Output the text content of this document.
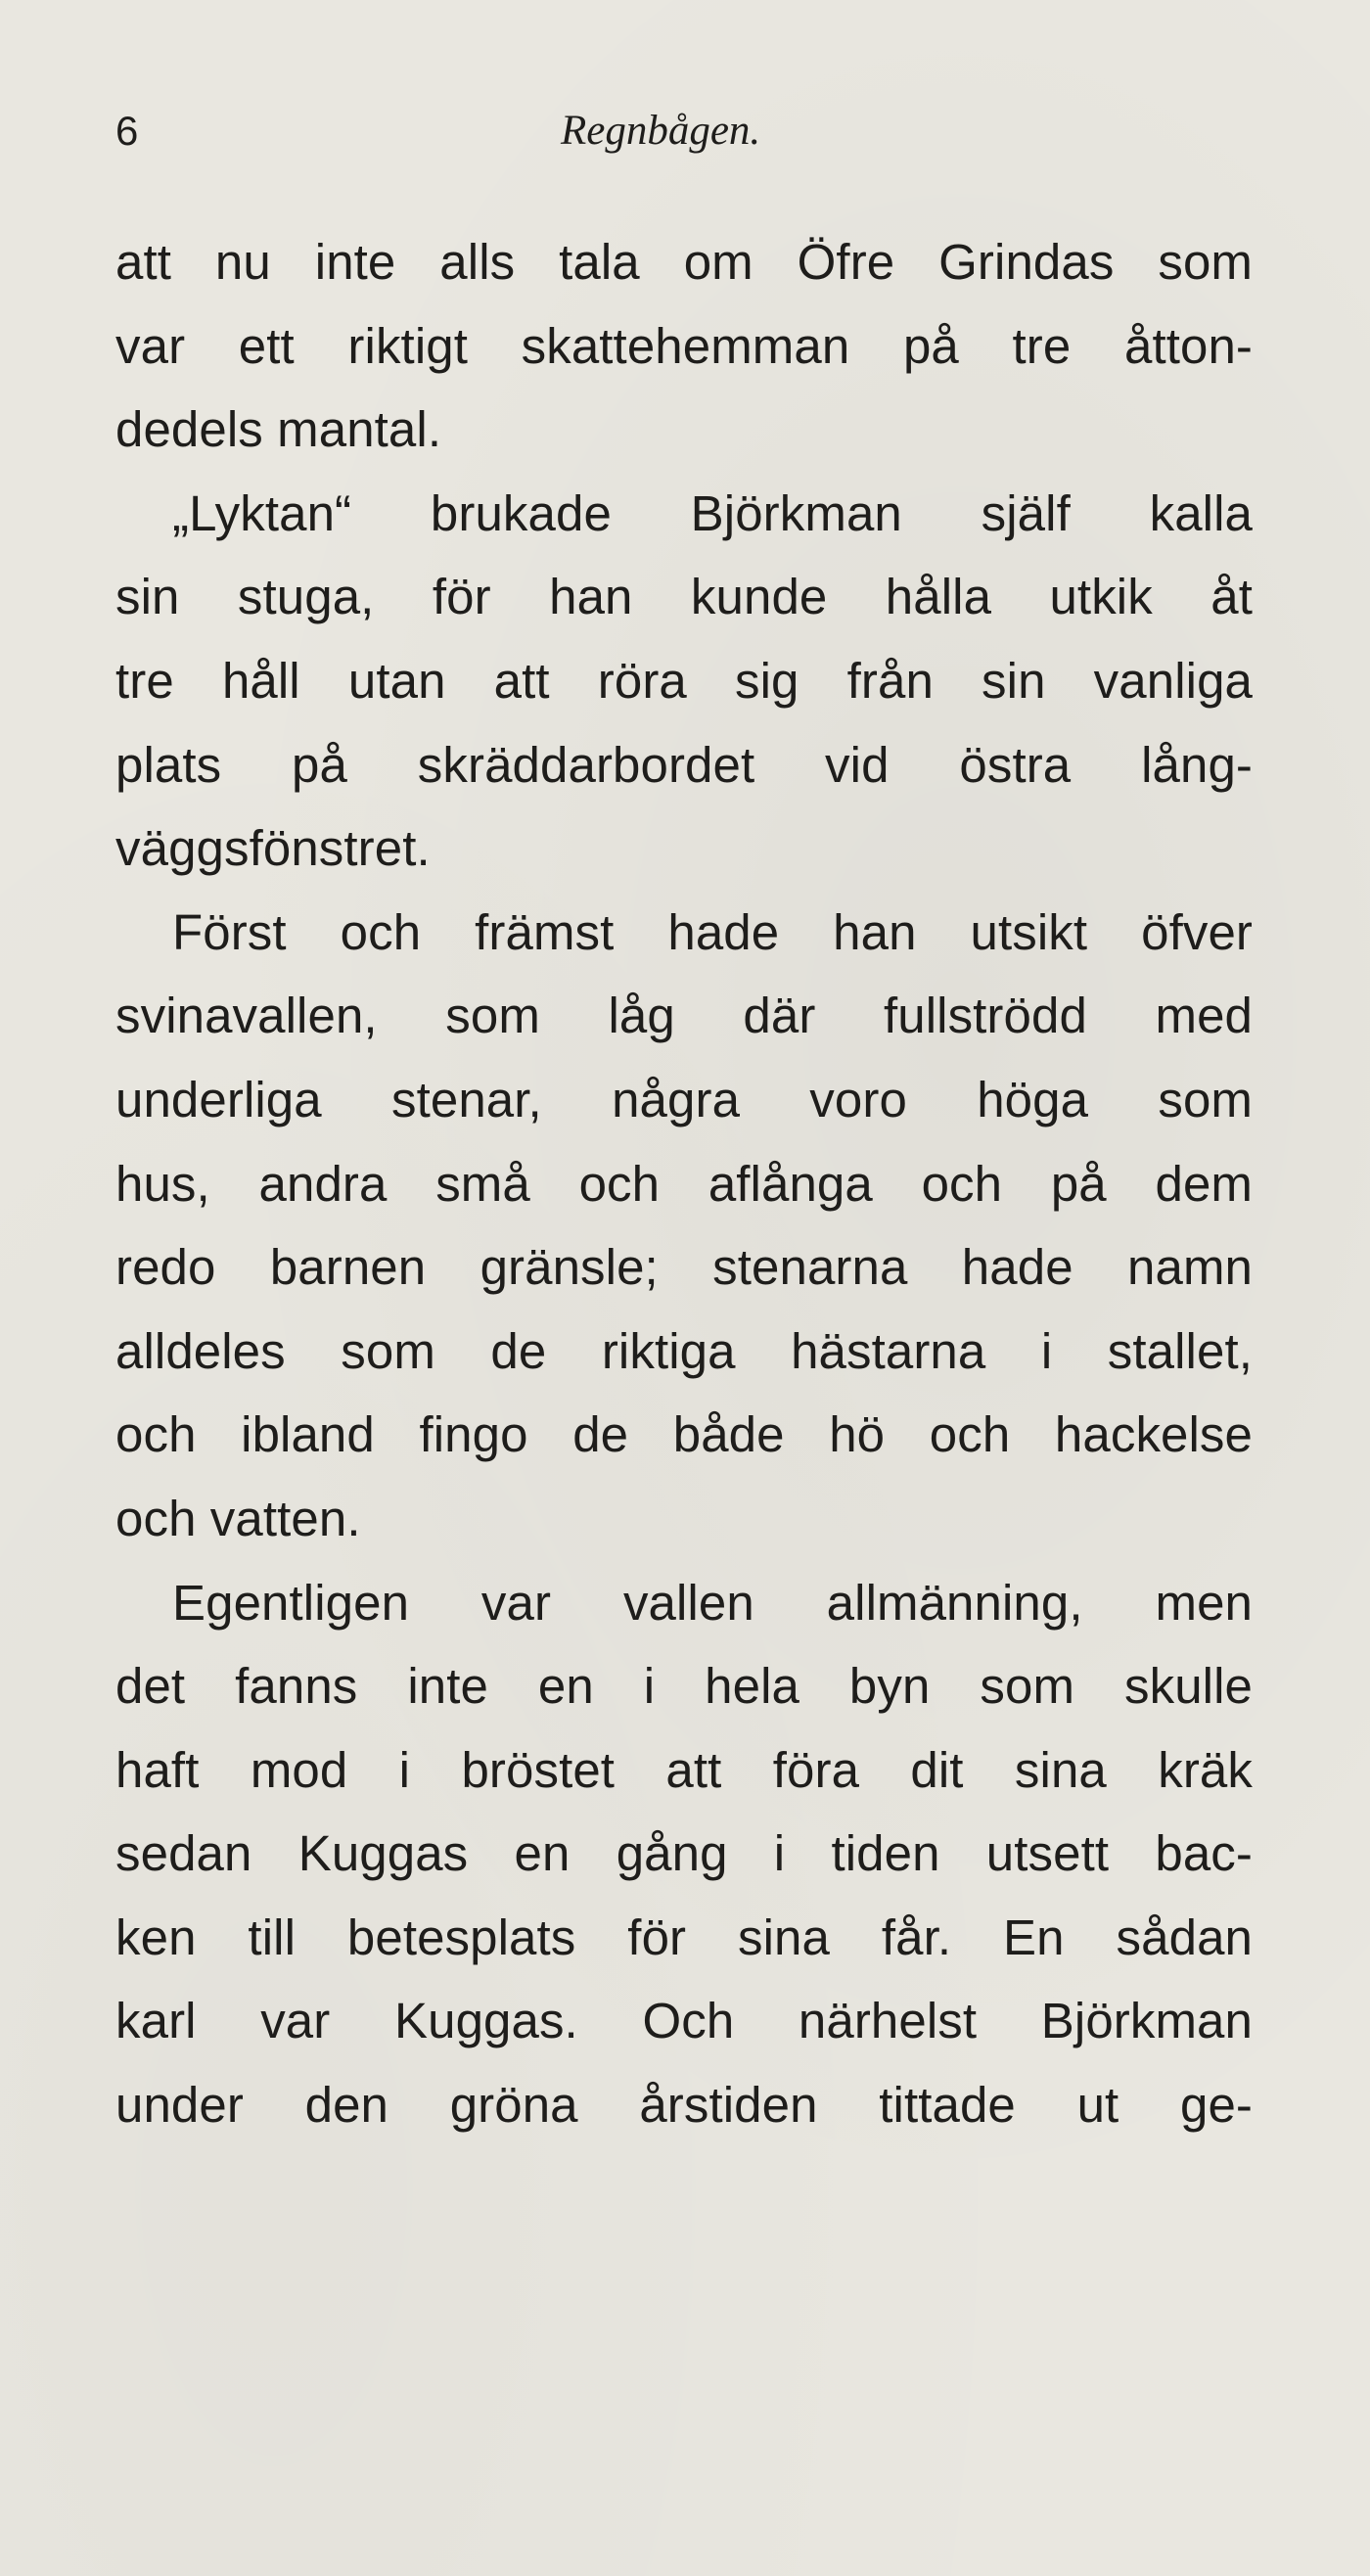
6	Regnbågen.
att nu inte alls tala om Öfre Grindas som
var ett riktigt skattehemman på tre åtton-
dedels mantal.
„Lyktan“ brukade Björkman själf kalla
sin stuga, för han kunde hålla utkik åt
tre håll utan att röra sig från sin vanliga
plats på skräddarbordet vid östra lång-
väggsfönstret.
Först och främst hade han utsikt öfver
svinavallen, som låg där fullströdd med
underliga stenar, några voro höga som
hus, andra små och aflånga och på dem
redo barnen gränsle; stenarna hade namn
alldeles som de riktiga hästarna i stallet,
och ibland fingo de både hö och hackelse
och vatten.
Egentligen var vallen allmänning, men
det fanns inte en i hela byn som skulle
haft mod i bröstet att föra dit sina kräk
sedan Kuggas en gång i tiden utsett bac-
ken till betesplats för sina får. En sådan
karl var Kuggas. Och närhelst Björkman
under den gröna årstiden tittade ut ge-
